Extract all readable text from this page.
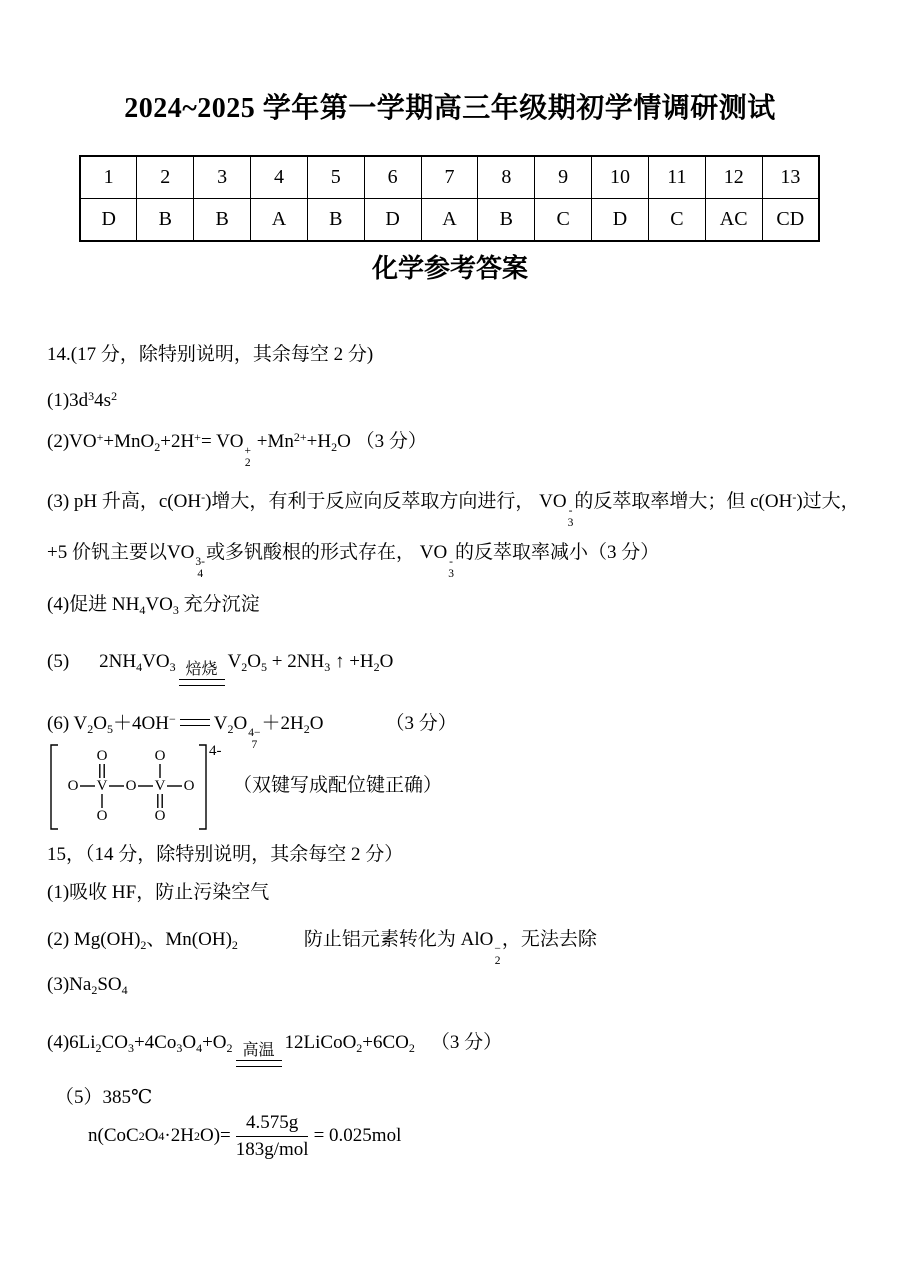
2024~2025 学年第一学期高三年级期初学情调研测试
1	2	3	4	5	6	7	8	9	10	11	12	13
D	B	B	A	B	D	A	B	C	D	C	AC	CD
化学参考答案
14.(17 分，除特别说明，其余每空 2 分)
$(1)3d^34s^2$
(2)VO++MnO$_2$+2H+= VO +
2
$+Mn^{2+}+H_2O$ （3 分）
(3) pH 升高，c(OH-)增大，有利于反应向反萃取方向进行， VO -
3
的反萃取率增大；但 c(OH-)过大，
+5 价钒主要以VO 3-
4
或多钒酸根的形式存在， VO -
3
的反萃取率减小（3 分）
(4)促进 $NH_4VO_3$ 充分沉淀
(5) $2NH_4VO_3$ 焙烧 $V_2O_5 + 2NH_3$ ↑ $+H_2O$
(6) $V_2O_5+4OH^-$ $V_2O$ 4−
7
$+2H_2O$	（3 分）
O V O V O
O	O
O	O
4-
（双键写成配位键正确）
15，（14 分，除特别说明，其余每空 2 分）
(1)吸收 HF，防止污染空气
(2) $Mg(OH)_2$、$Mn(OH)_2$	防止铝元素转化为 AlO −
2
，无法去除
$(3)Na_2SO_4$
$(4)6Li_2CO_3+4Co_3O_4+O_2$ 高温 $12LiCoO_2+6CO_2$ （3 分）
（5）385℃
n(CoC 2 O 4 ·2H 2 $O)= \frac{4.575g}{\text{183g/mol}} = 0.025mol$
